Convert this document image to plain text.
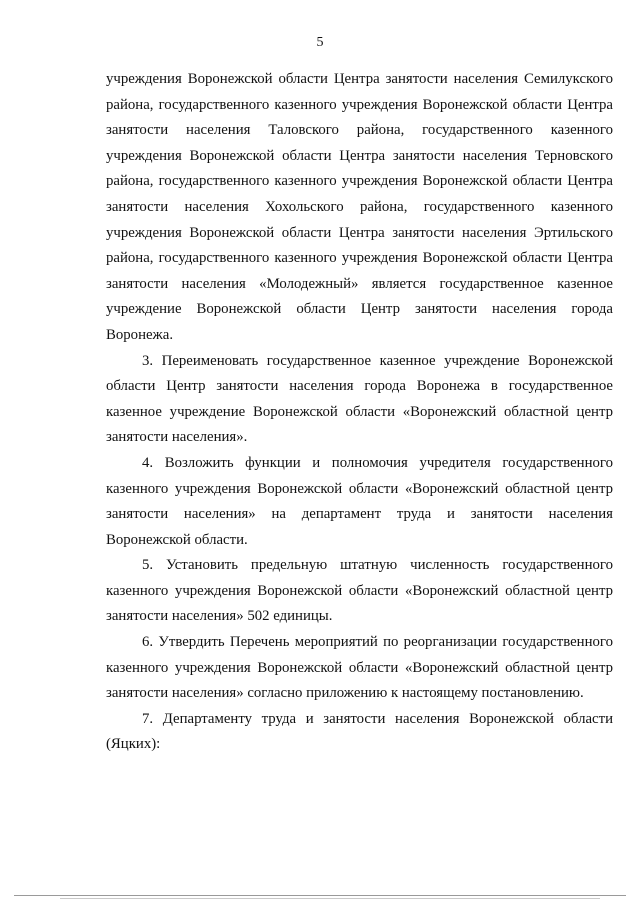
5

учреждения Воронежской области Центра занятости населения Семилукского района, государственного казенного учреждения Воронежской области Центра занятости населения Таловского района, государственного казенного учреждения Воронежской области Центра занятости населения Терновского района, государственного казенного учреждения Воронежской области Центра занятости населения Хохольского района, государственного казенного учреждения Воронежской области Центра занятости населения Эртильского района, государственного казенного учреждения Воронежской области Центра занятости населения «Молодежный» является государственное казенное учреждение Воронежской области Центр занятости населения города Воронежа.

3. Переименовать государственное казенное учреждение Воронежской области Центр занятости населения города Воронежа в государственное казенное учреждение Воронежской области «Воронежский областной центр занятости населения».

4. Возложить функции и полномочия учредителя государственного казенного учреждения Воронежской области «Воронежский областной центр занятости населения» на департамент труда и занятости населения Воронежской области.

5. Установить предельную штатную численность государственного казенного учреждения Воронежской области «Воронежский областной центр занятости населения» 502 единицы.

6. Утвердить Перечень мероприятий по реорганизации государственного казенного учреждения Воронежской области «Воронежский областной центр занятости населения» согласно приложению к настоящему постановлению.

7. Департаменту труда и занятости населения Воронежской области (Яцких):
